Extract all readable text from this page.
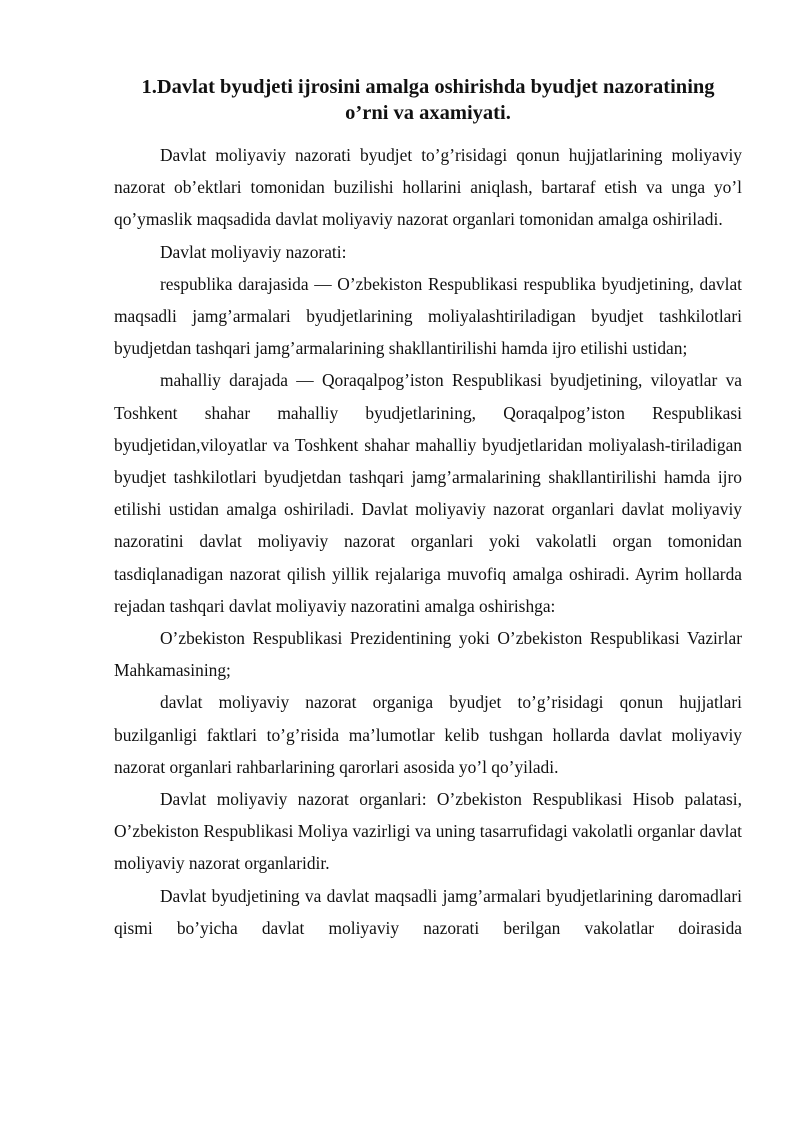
1.Davlat byudjeti ijrosini amalga oshirishda byudjet nazoratining
o’rni va axamiyati.

Davlat moliyaviy nazorati byudjet to’g’risidagi qonun hujjatlarining moliyaviy nazorat ob’ektlari tomonidan buzilishi hollarini aniqlash, bartaraf etish va unga yo’l qo’ymaslik maqsadida davlat moliyaviy nazorat organlari tomonidan amalga oshiriladi.

Davlat moliyaviy nazorati:

respublika darajasida — O’zbekiston Respublikasi respublika byudjetining, davlat maqsadli jamg’armalari byudjetlarining moliyalashtiriladigan byudjet tashkilotlari byudjetdan tashqari jamg’armalarining shakllantirilishi hamda ijro etilishi ustidan;

mahalliy darajada — Qoraqalpog’iston Respublikasi byudjetining, viloyatlar va Toshkent shahar mahalliy byudjetlarining, Qoraqalpog’iston Respublikasi byudjetidan,viloyatlar va Toshkent shahar mahalliy byudjetlaridan moliyalash-tiriladigan byudjet tashkilotlari byudjetdan tashqari jamg’armalarining shakllantirilishi hamda ijro etilishi ustidan amalga oshiriladi. Davlat moliyaviy nazorat organlari davlat moliyaviy nazoratini davlat moliyaviy nazorat organlari yoki vakolatli organ tomonidan tasdiqlanadigan nazorat qilish yillik rejalariga muvofiq amalga oshiradi. Ayrim hollarda rejadan tashqari davlat moliyaviy nazoratini amalga oshirishga:

O’zbekiston Respublikasi Prezidentining yoki O’zbekiston Respublikasi Vazirlar Mahkamasining;

davlat moliyaviy nazorat organiga byudjet to’g’risidagi qonun hujjatlari buzilganligi faktlari to’g’risida ma’lumotlar kelib tushgan hollarda davlat moliyaviy nazorat organlari rahbarlarining qarorlari asosida yo’l qo’yiladi.

Davlat moliyaviy nazorat organlari: O’zbekiston Respublikasi Hisob palatasi, O’zbekiston Respublikasi Moliya vazirligi va uning tasarrufidagi vakolatli organlar davlat moliyaviy nazorat organlaridir.

Davlat byudjetining va davlat maqsadli jamg’armalari byudjetlarining daromadlari qismi bo’yicha davlat moliyaviy nazorati berilgan vakolatlar doirasida
